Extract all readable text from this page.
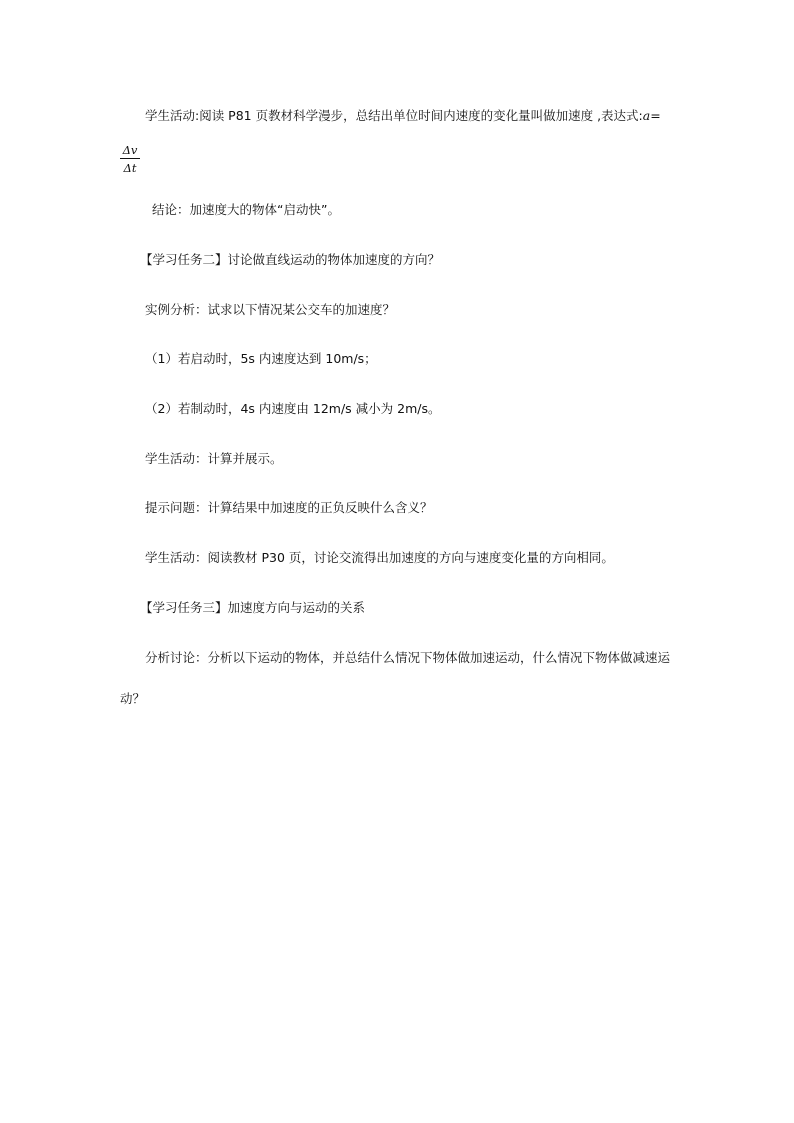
学生活动:阅读 P81 页教材科学漫步，总结出单位时间内速度的变化量叫做加速度 ,表达式:a=
Δv
Δt
结论：加速度大的物体“启动快”。
【学习任务二】讨论做直线运动的物体加速度的方向？
实例分析：试求以下情况某公交车的加速度？
（1）若启动时，5s 内速度达到 10m/s；
（2）若制动时，4s 内速度由 12m/s 减小为 2m/s。
学生活动：计算并展示。
提示问题：计算结果中加速度的正负反映什么含义？
学生活动：阅读教材 P30 页，讨论交流得出加速度的方向与速度变化量的方向相同。
【学习任务三】加速度方向与运动的关系
分析讨论：分析以下运动的物体，并总结什么情况下物体做加速运动，什么情况下物体做减速运
动？
